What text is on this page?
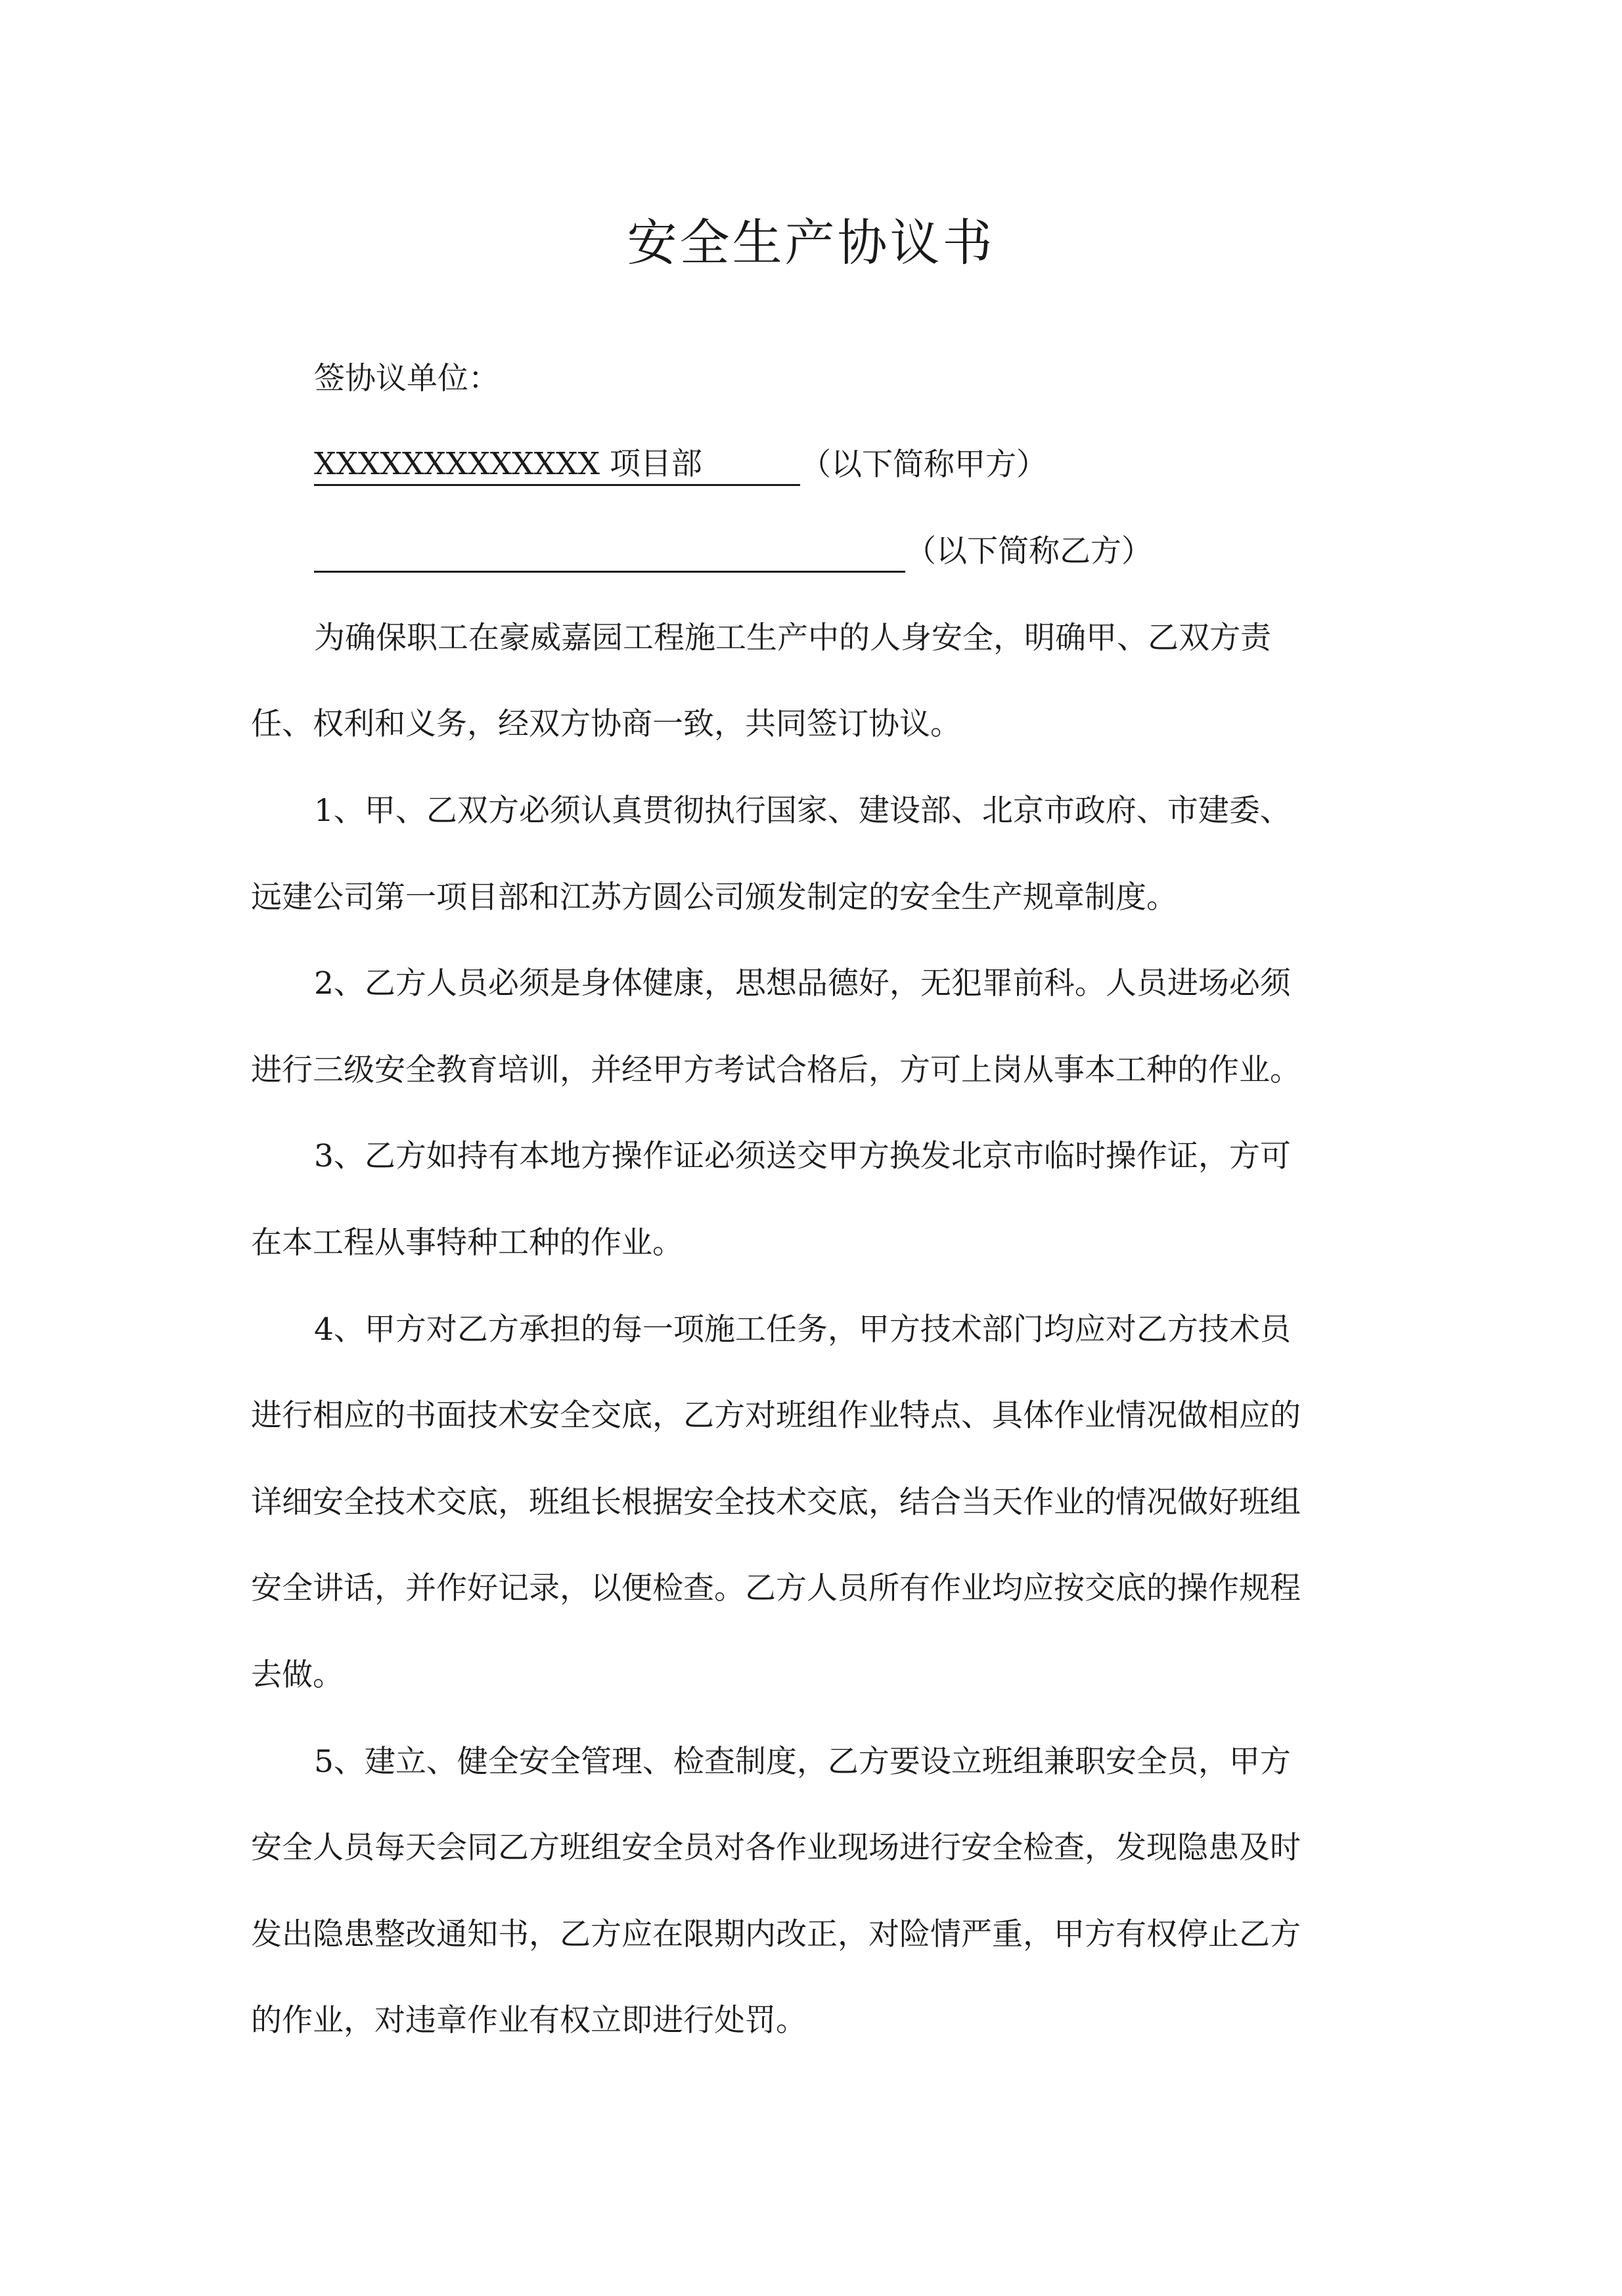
安全生产协议书
签协议单位：
XXXXXXXXXXXXX 项目部	（以下简称甲方）
（以下简称乙方）
为确保职工在豪威嘉园工程施工生产中的人身安全，明确甲、乙双方责
任、权利和义务，经双方协商一致，共同签订协议。
1、甲、乙双方必须认真贯彻执行国家、建设部、北京市政府、市建委、
远建公司第一项目部和江苏方圆公司颁发制定的安全生产规章制度。
2、乙方人员必须是身体健康，思想品德好，无犯罪前科。人员进场必须
进行三级安全教育培训，并经甲方考试合格后，方可上岗从事本工种的作业。
3、乙方如持有本地方操作证必须送交甲方换发北京市临时操作证，方可
在本工程从事特种工种的作业。
4、甲方对乙方承担的每一项施工任务，甲方技术部门均应对乙方技术员
进行相应的书面技术安全交底，乙方对班组作业特点、具体作业情况做相应的
详细安全技术交底，班组长根据安全技术交底，结合当天作业的情况做好班组
安全讲话，并作好记录，以便检查。乙方人员所有作业均应按交底的操作规程
去做。
5、建立、健全安全管理、检查制度，乙方要设立班组兼职安全员，甲方
安全人员每天会同乙方班组安全员对各作业现场进行安全检查，发现隐患及时
发出隐患整改通知书，乙方应在限期内改正，对险情严重，甲方有权停止乙方
的作业，对违章作业有权立即进行处罚。
